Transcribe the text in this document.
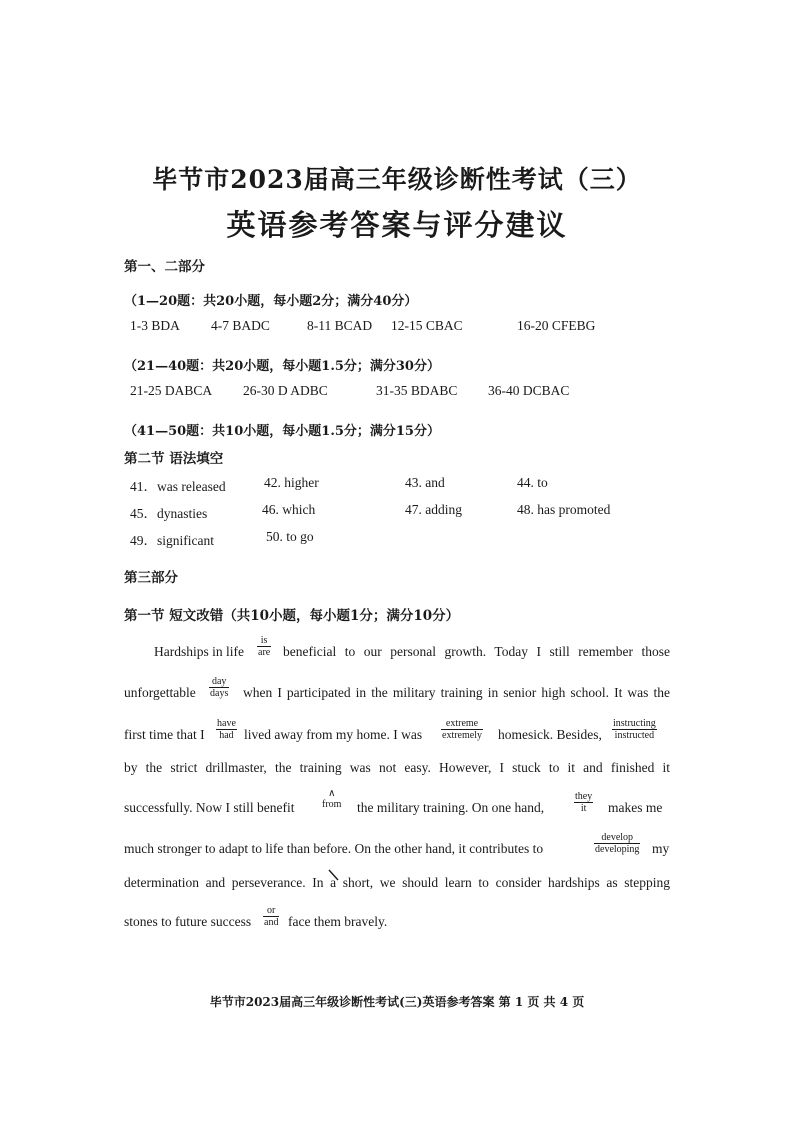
毕节市2023届高三年级诊断性考试（三）
英语参考答案与评分建议
第一、二部分
（1—20题：共20小题，每小题2分；满分40分）
1-3 BDA 4-7 BADC	8-11 BCAD 12-15 CBAC	16-20 CFEBG
（21—40题：共20小题，每小题1.5分；满分30分）
21-25 DABCA 26-30 D ADBC	31-35 BDABC 36-40 DCBAC
（41—50题：共10小题，每小题1.5分；满分15分）
第二节 语法填空
41．was released	42. higher	43. and	44. to
45．dynasties	46. which	47. adding	48. has promoted
49．significant	50. to go
第三部分
第一节 短文改错（共10小题，每小题1分；满分10分）
Hardships in life
is
are beneficial to our personal growth. Today I still remember those
unforgettable
day
days when I participated in the military training in senior high school. It was the
first time that I
have
had lived away from my home. I was
extreme
extremely homesick. Besides,
instructing
instructed
by the strict drillmaster, the training was not easy. However, I stuck to it and finished it
successfully. Now I still benefit
∧
from the military training. On one hand,
they
it	makes me
much stronger to adapt to life than before. On the other hand, it contributes to
develop
developing my
determination and perseverance. In a short, we should learn to consider hardships as stepping
stones to future success
or
and face them bravely.
毕节市2023届高三年级诊断性考试(三)英语参考答案 第 1 页 共 4 页
